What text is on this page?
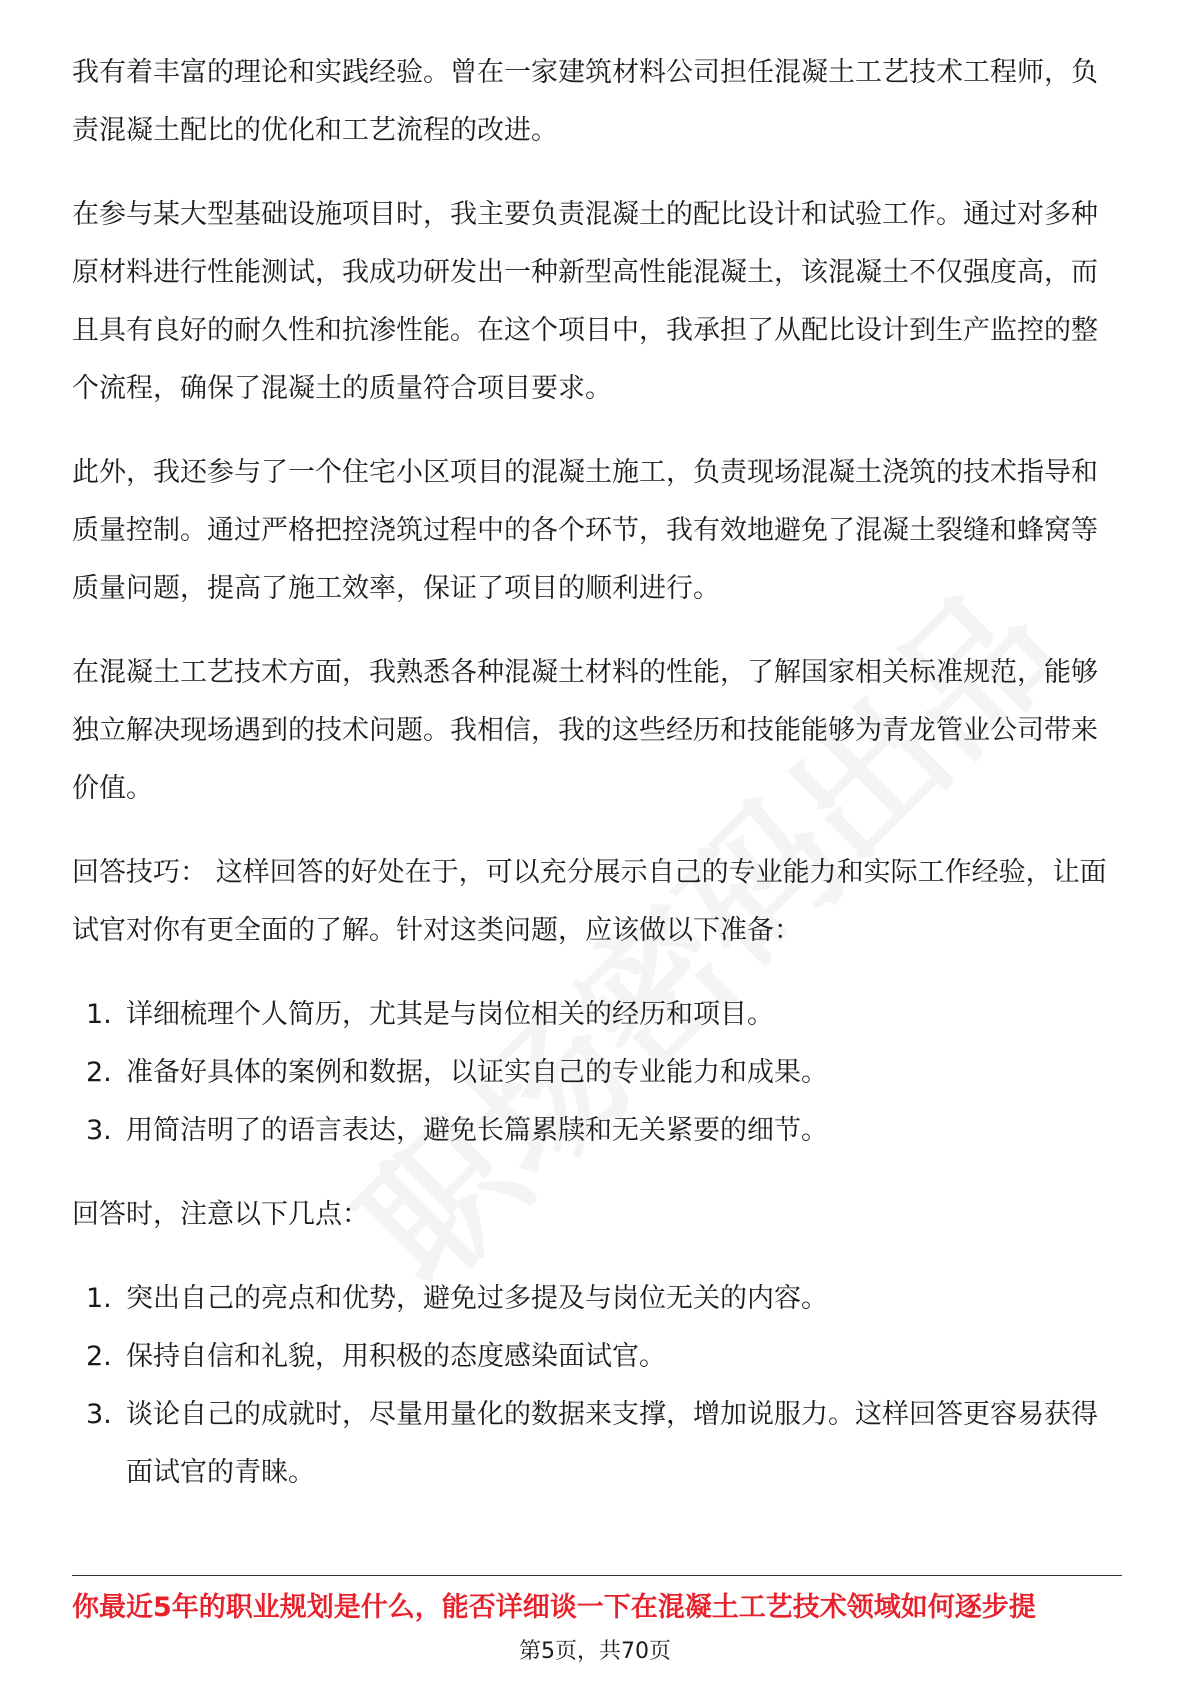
我有着丰富的理论和实践经验。曾在一家建筑材料公司担任混凝土工艺技术工程师，负责混凝土配比的优化和工艺流程的改进。

在参与某大型基础设施项目时，我主要负责混凝土的配比设计和试验工作。通过对多种原材料进行性能测试，我成功研发出一种新型高性能混凝土，该混凝土不仅强度高，而且具有良好的耐久性和抗渗性能。在这个项目中，我承担了从配比设计到生产监控的整个流程，确保了混凝土的质量符合项目要求。

此外，我还参与了一个住宅小区项目的混凝土施工，负责现场混凝土浇筑的技术指导和质量控制。通过严格把控浇筑过程中的各个环节，我有效地避免了混凝土裂缝和蜂窝等质量问题，提高了施工效率，保证了项目的顺利进行。

在混凝土工艺技术方面，我熟悉各种混凝土材料的性能，了解国家相关标准规范，能够独立解决现场遇到的技术问题。我相信，我的这些经历和技能能够为青龙管业公司带来价值。

回答技巧： 这样回答的好处在于，可以充分展示自己的专业能力和实际工作经验，让面试官对你有更全面的了解。针对这类问题，应该做以下准备：

1. 详细梳理个人简历，尤其是与岗位相关的经历和项目。
2. 准备好具体的案例和数据，以证实自己的专业能力和成果。
3. 用简洁明了的语言表达，避免长篇累牍和无关紧要的细节。

回答时，注意以下几点：

1. 突出自己的亮点和优势，避免过多提及与岗位无关的内容。
2. 保持自信和礼貌，用积极的态度感染面试官。
3. 谈论自己的成就时，尽量用量化的数据来支撑，增加说服力。这样回答更容易获得面试官的青睐。
你最近5年的职业规划是什么，能否详细谈一下在混凝土工艺技术领域如何逐步提
第5页，共70页
